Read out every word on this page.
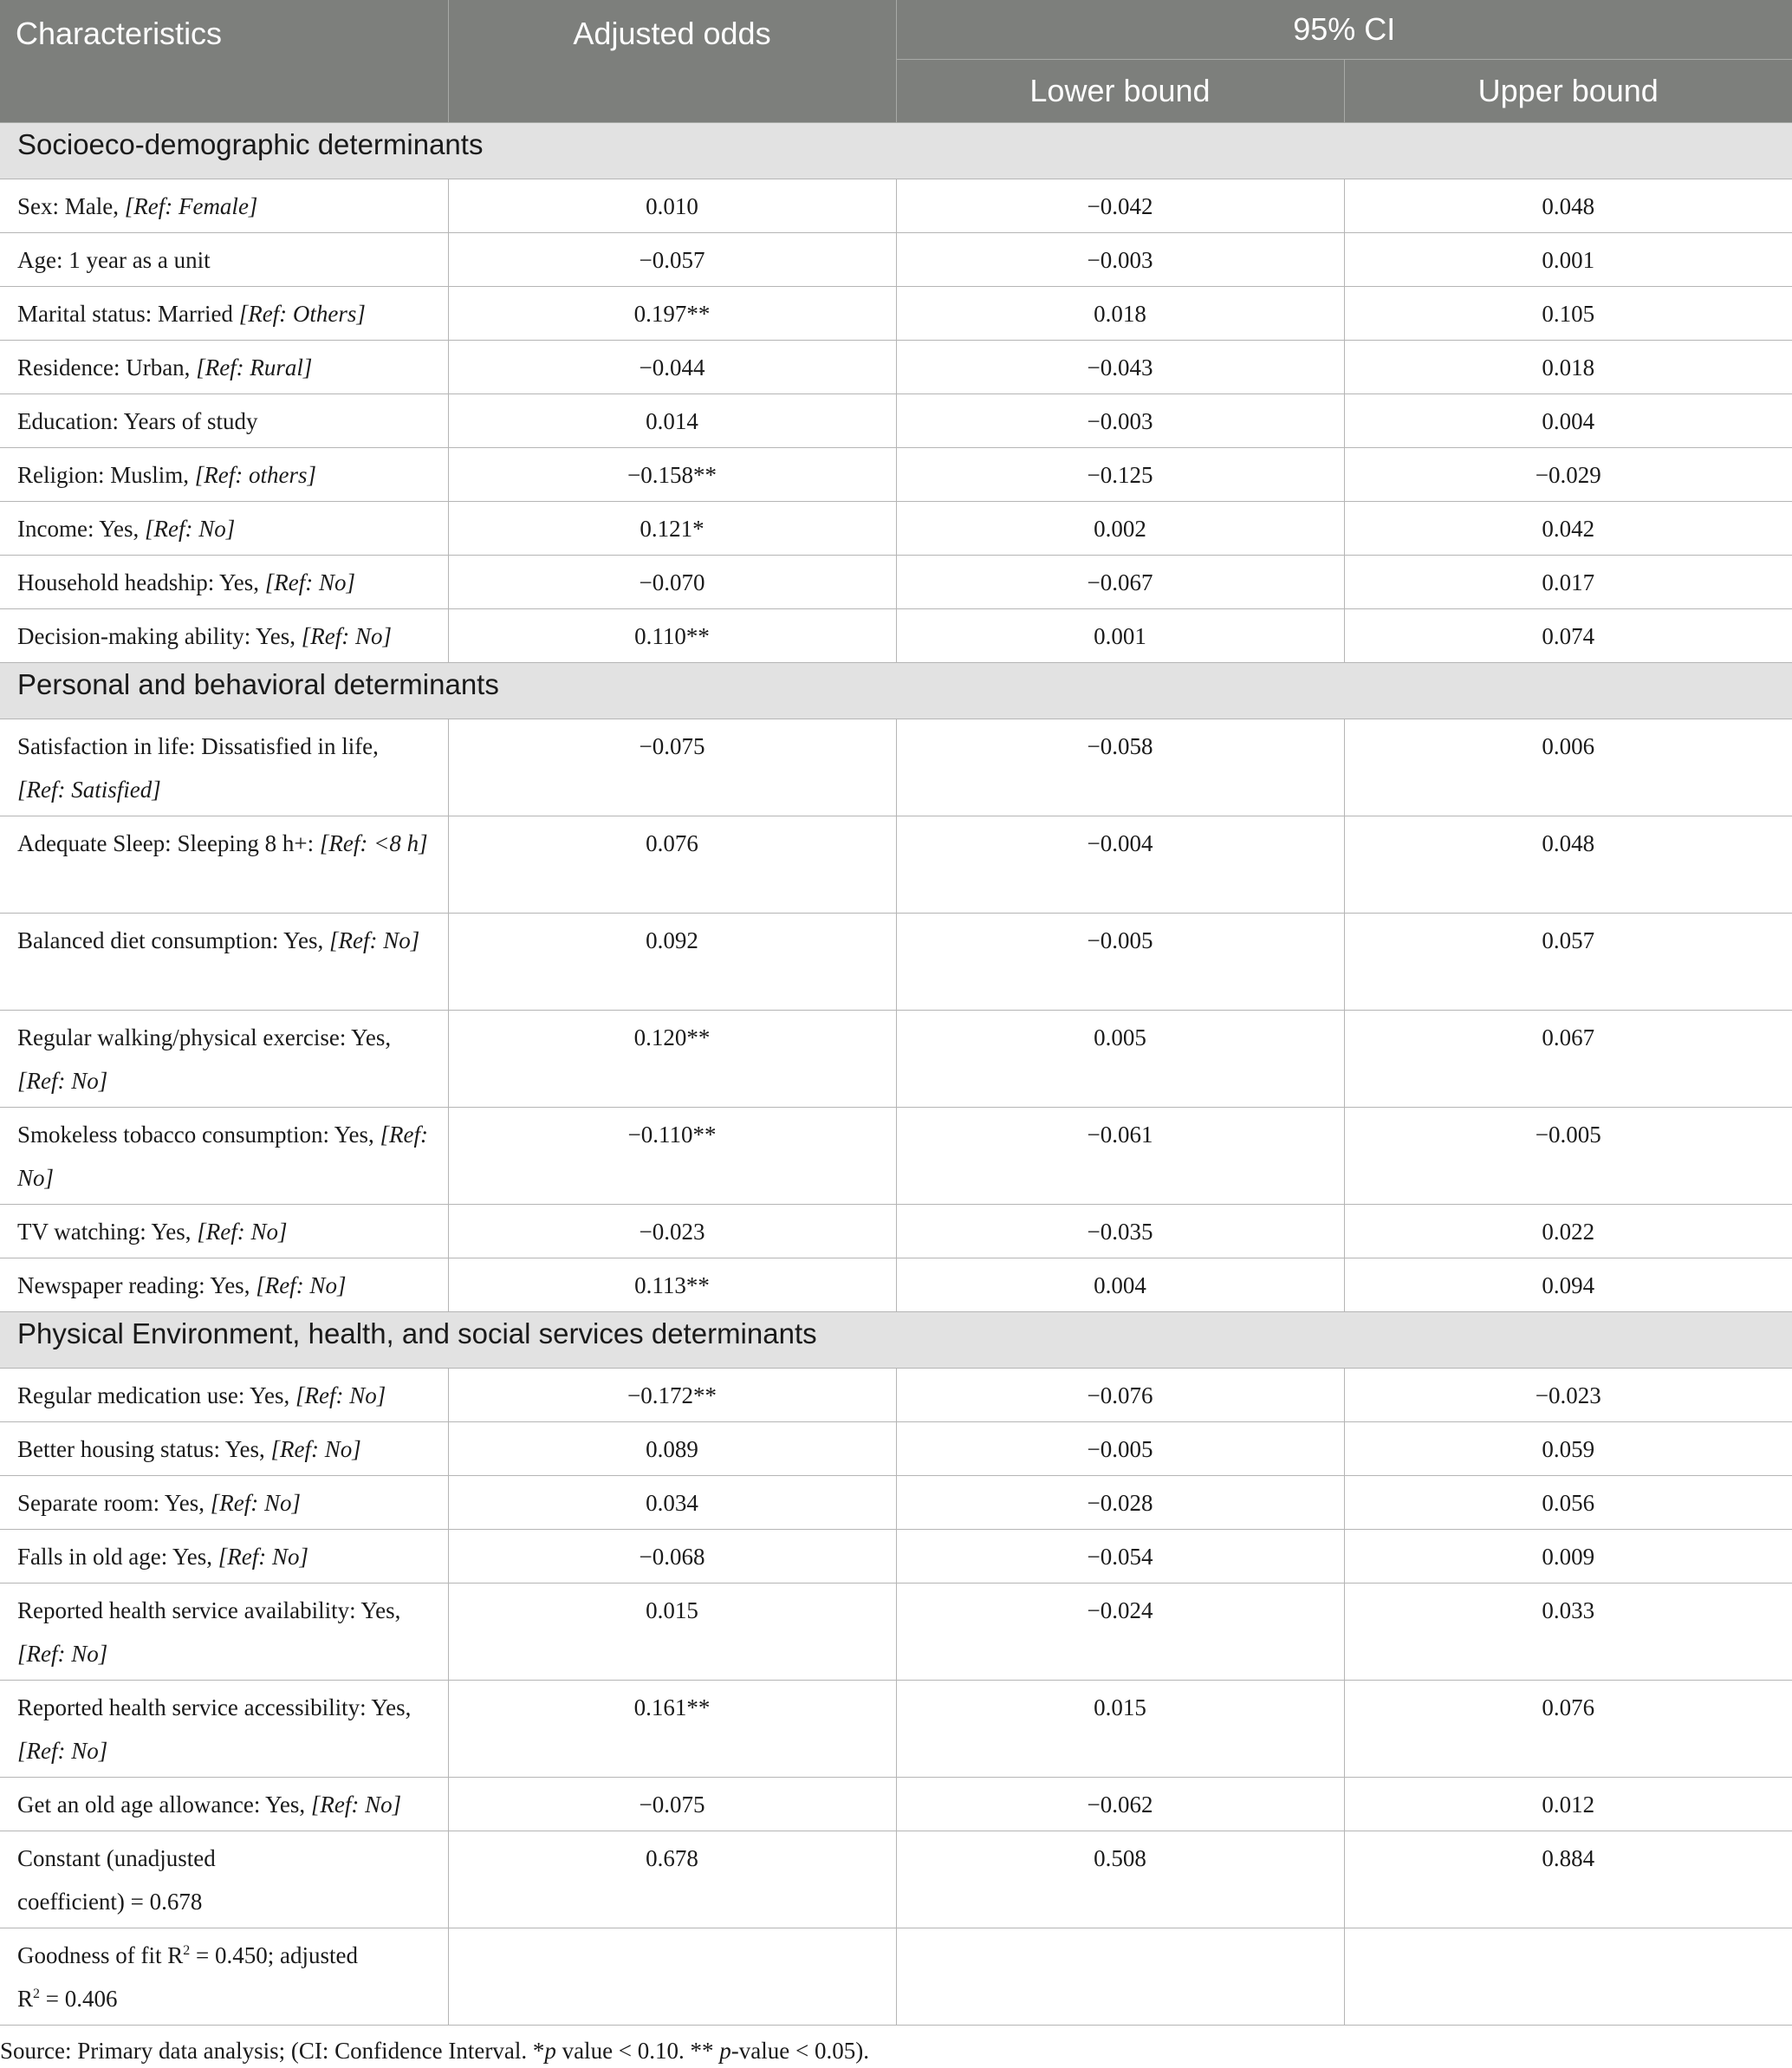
Characteristics	Adjusted odds	95% CI	
		Lower bound	Upper bound
Socioeco-demographic determinants			
Sex: Male, [Ref: Female]	0.010	−0.042	0.048
Age: 1 year as a unit	−0.057	−0.003	0.001
Marital status: Married [Ref: Others]	0.197**	0.018	0.105
Residence: Urban, [Ref: Rural]	−0.044	−0.043	0.018
Education: Years of study	0.014	−0.003	0.004
Religion: Muslim, [Ref: others]	−0.158**	−0.125	−0.029
Income: Yes, [Ref: No]	0.121*	0.002	0.042
Household headship: Yes, [Ref: No]	−0.070	−0.067	0.017
Decision-making ability: Yes, [Ref: No]	0.110**	0.001	0.074
Personal and behavioral determinants			
Satisfaction in life: Dissatisfied in life, [Ref: Satisfied]	−0.075	−0.058	0.006
Adequate Sleep: Sleeping 8 h+: [Ref: <8 h]	0.076	−0.004	0.048
Balanced diet consumption: Yes, [Ref: No]	0.092	−0.005	0.057
Regular walking/physical exercise: Yes, [Ref: No]	0.120**	0.005	0.067
Smokeless tobacco consumption: Yes, [Ref: No]	−0.110**	−0.061	−0.005
TV watching: Yes, [Ref: No]	−0.023	−0.035	0.022
Newspaper reading: Yes, [Ref: No]	0.113**	0.004	0.094
Physical Environment, health, and social services determinants			
Regular medication use: Yes, [Ref: No]	−0.172**	−0.076	−0.023
Better housing status: Yes, [Ref: No]	0.089	−0.005	0.059
Separate room: Yes, [Ref: No]	0.034	−0.028	0.056
Falls in old age: Yes, [Ref: No]	−0.068	−0.054	0.009
Reported health service availability: Yes, [Ref: No]	0.015	−0.024	0.033
Reported health service accessibility: Yes, [Ref: No]	0.161**	0.015	0.076
Get an old age allowance: Yes, [Ref: No]	−0.075	−0.062	0.012
Constant (unadjusted
coefficient) = 0.678	0.678	0.508	0.884
Goodness of fit $R^2 = 0.450$; adjusted
$R^2 = 0.406$			
Source: Primary data analysis; (CI: Confidence Interval. *p value < 0.10. ** p-value < 0.05).
